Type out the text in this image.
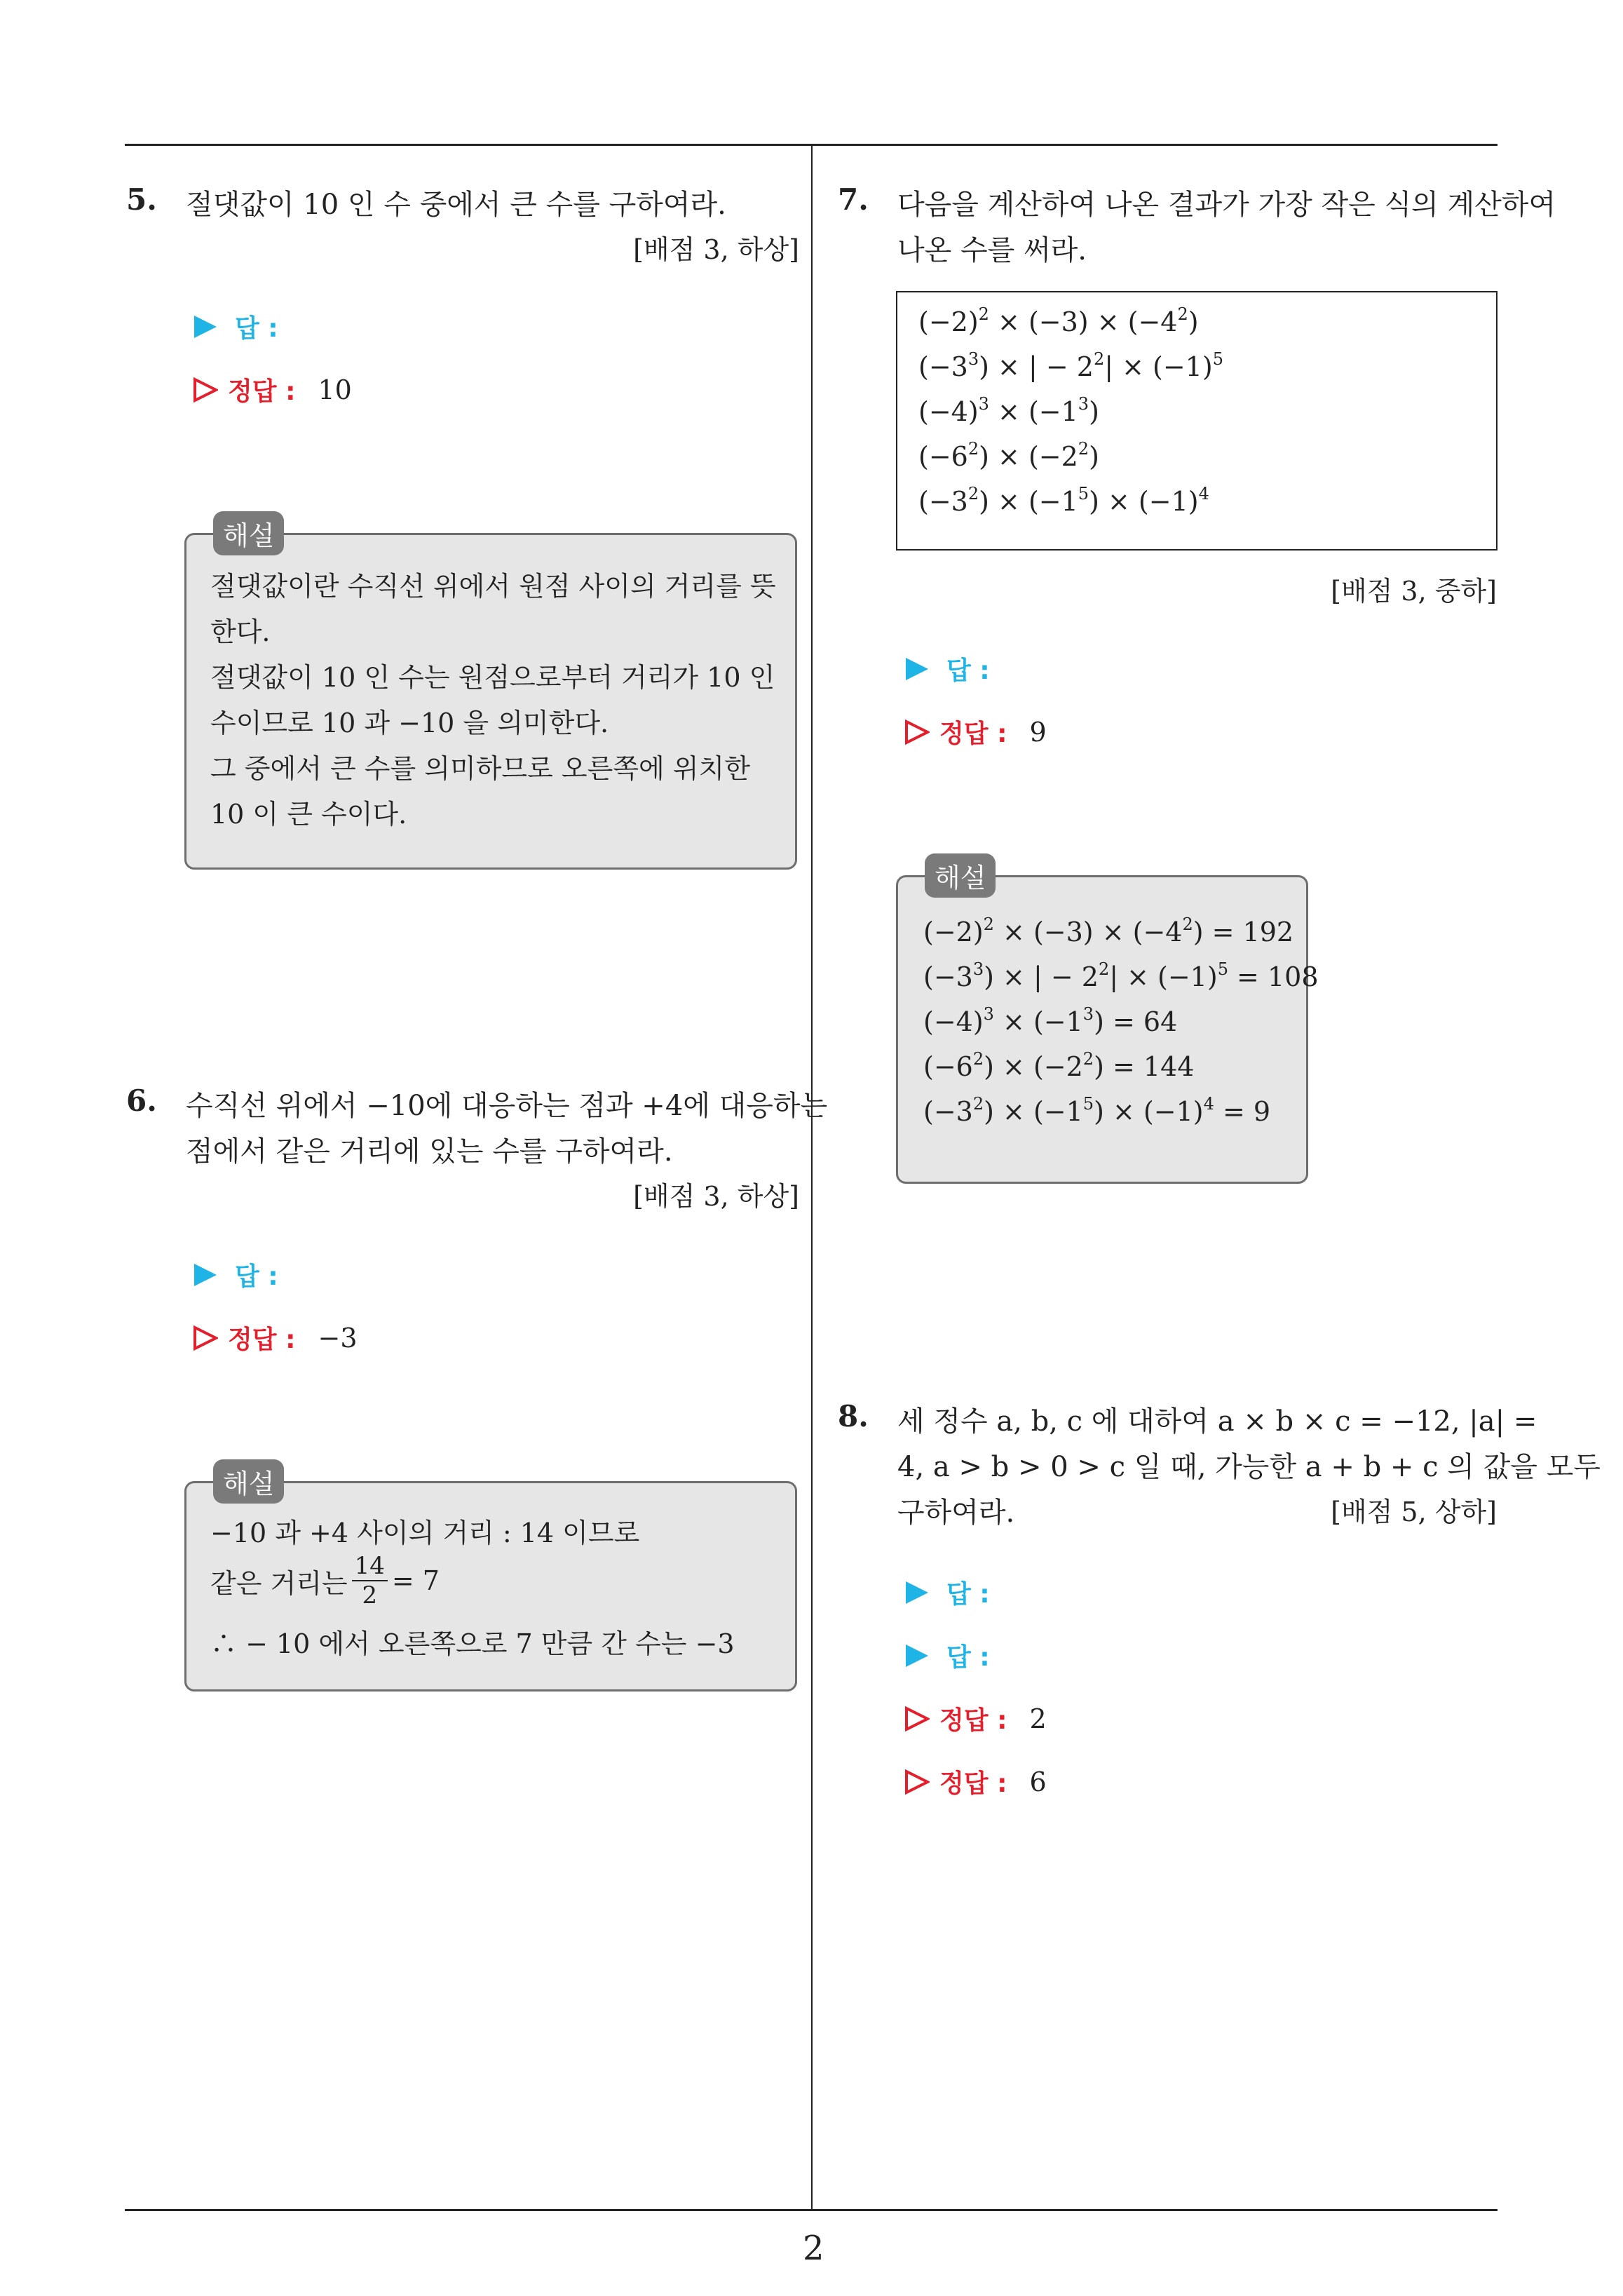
5. 절댓값이 10 인 수 중에서 큰 수를 구하여라.
[배점 3, 하상]
답 :
정답 : 10
해설
절댓값이란 수직선 위에서 원점 사이의 거리를 뜻
한다.
절댓값이 10 인 수는 원점으로부터 거리가 10 인
수이므로 10 과 −10 을 의미한다.
그 중에서 큰 수를 의미하므로 오른쪽에 위치한
10 이 큰 수이다.
6. 수직선 위에서 −10에 대응하는 점과 +4에 대응하는
점에서 같은 거리에 있는 수를 구하여라.
[배점 3, 하상]
답 :
정답 : −3
해설
−10 과 +4 사이의 거리 : 14 이므로
같은 거리는 $\frac{14}{2} = 7$
∴ − 10 에서 오른쪽으로 7 만큼 간 수는 −3
7. 다음을 계산하여 나온 결과가 가장 작은 식의 계산하여
나온 수를 써라.
$(-2)^2 \times (-3) \times (-4^2)$
$(-3^3)$ × | − $2^2| \times (-1)^5$
$(-4)^3 \times (-1^3)$
$(-6^2) \times (-2^2)$
$(-3^2) \times (-1^5) \times (-1)^4$
[배점 3, 중하]
답 :
정답 : 9
해설
$(-2)^2 \times (-3) \times (-4^2) = 192$
$(-3^3)$ × | − $2^2| \times (-1)^5 = 108$
$(-4)^3 \times (-1^3) = 64$
$(-6^2) \times (-2^2) = 144$
$(-3^2) \times (-1^5) \times (-1)^4 = 9$
8. 세 정수 a, b, c 에 대하여 a × b × c = −12, |a| =
4, a > b > 0 > c 일 때, 가능한 a + b + c 의 값을 모두
구하여라.	[배점 5, 상하]
답 :
답 :
정답 : 2
정답 : 6
2
